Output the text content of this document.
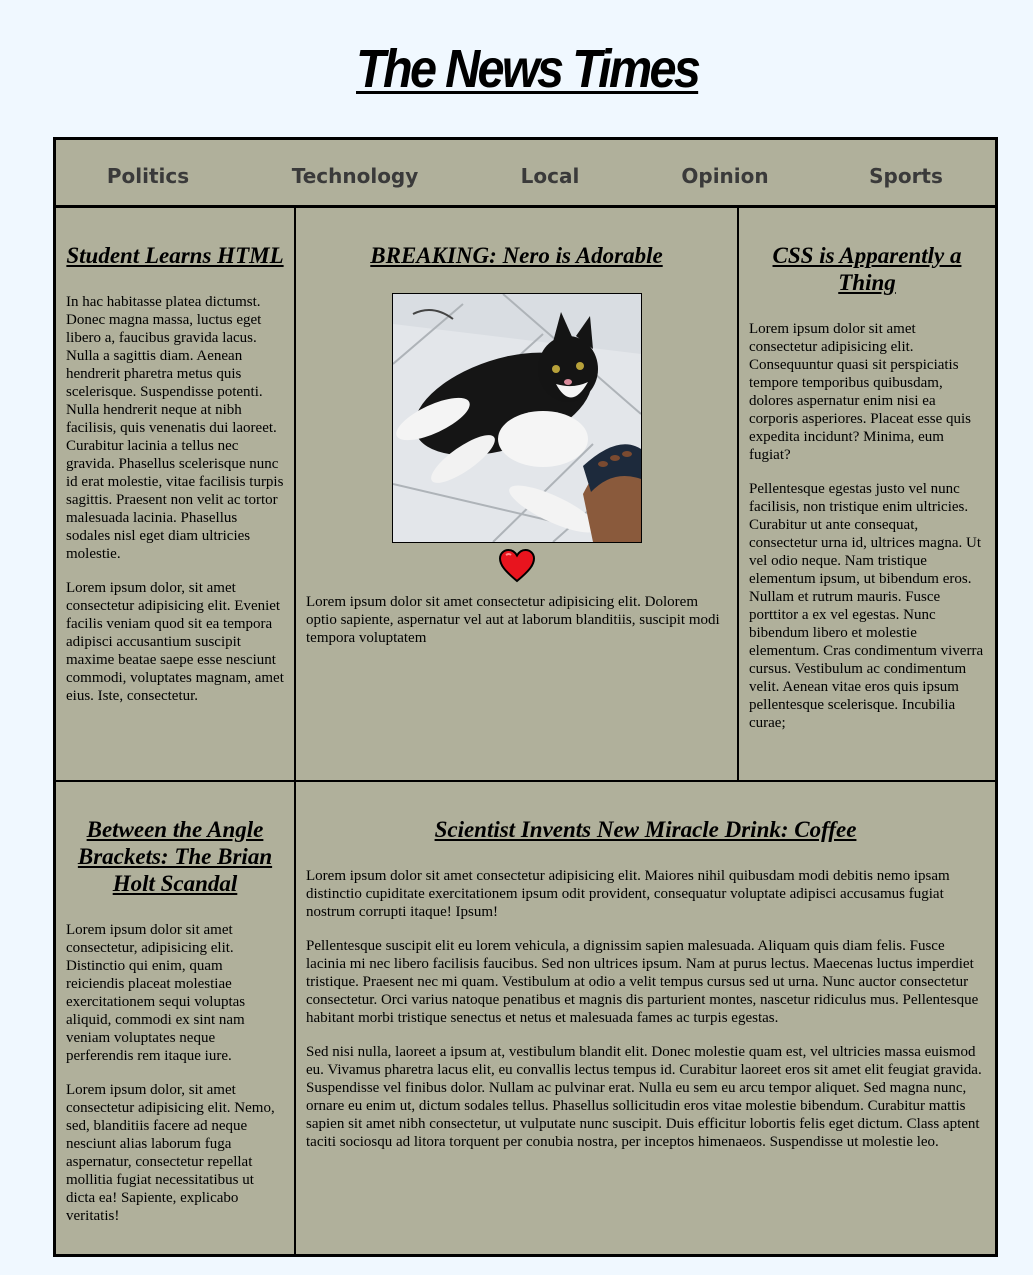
The News Times
Politics	Technology	Local	Opinion	Sports
Student Learns HTML

In hac habitasse platea dictumst. Donec magna massa, luctus eget libero a, faucibus gravida lacus. Nulla a sagittis diam. Aenean hendrerit pharetra metus quis scelerisque. Suspendisse potenti. Nulla hendrerit neque at nibh facilisis, quis venenatis dui laoreet. Curabitur lacinia a tellus nec gravida. Phasellus scelerisque nunc id erat molestie, vitae facilisis turpis sagittis. Praesent non velit ac tortor malesuada lacinia. Phasellus sodales nisl eget diam ultricies molestie.

Lorem ipsum dolor, sit amet consectetur adipisicing elit. Eveniet facilis veniam quod sit ea tempora adipisci accusantium suscipit maxime beatae saepe esse nesciunt commodi, voluptates magnam, amet eius. Iste, consectetur.

BREAKING: Nero is Adorable

Lorem ipsum dolor sit amet consectetur adipisicing elit. Dolorem optio sapiente, aspernatur vel aut at laborum blanditiis, suscipit modi tempora voluptatem

CSS is Apparently a Thing

Lorem ipsum dolor sit amet consectetur adipisicing elit. Consequuntur quasi sit perspiciatis tempore temporibus quibusdam, dolores aspernatur enim nisi ea corporis asperiores. Placeat esse quis expedita incidunt? Minima, eum fugiat?

Pellentesque egestas justo vel nunc facilisis, non tristique enim ultricies. Curabitur ut ante consequat, consectetur urna id, ultrices magna. Ut vel odio neque. Nam tristique elementum ipsum, ut bibendum eros. Nullam et rutrum mauris. Fusce porttitor a ex vel egestas. Nunc bibendum libero et molestie elementum. Cras condimentum viverra cursus. Vestibulum ac condimentum velit. Aenean vitae eros quis ipsum pellentesque scelerisque. Incubilia curae;

Between the Angle Brackets: The Brian Holt Scandal

Lorem ipsum dolor sit amet consectetur, adipisicing elit. Distinctio qui enim, quam reiciendis placeat molestiae exercitationem sequi voluptas aliquid, commodi ex sint nam veniam voluptates neque perferendis rem itaque iure.

Lorem ipsum dolor, sit amet consectetur adipisicing elit. Nemo, sed, blanditiis facere ad neque nesciunt alias laborum fuga aspernatur, consectetur repellat mollitia fugiat necessitatibus ut dicta ea! Sapiente, explicabo veritatis!

Scientist Invents New Miracle Drink: Coffee

Lorem ipsum dolor sit amet consectetur adipisicing elit. Maiores nihil quibusdam modi debitis nemo ipsam distinctio cupiditate exercitationem ipsum odit provident, consequatur voluptate adipisci accusamus fugiat nostrum corrupti itaque! Ipsum!

Pellentesque suscipit elit eu lorem vehicula, a dignissim sapien malesuada. Aliquam quis diam felis. Fusce lacinia mi nec libero facilisis faucibus. Sed non ultrices ipsum. Nam at purus lectus. Maecenas luctus imperdiet tristique. Praesent nec mi quam. Vestibulum at odio a velit tempus cursus sed ut urna. Nunc auctor consectetur consectetur. Orci varius natoque penatibus et magnis dis parturient montes, nascetur ridiculus mus. Pellentesque habitant morbi tristique senectus et netus et malesuada fames ac turpis egestas.

Sed nisi nulla, laoreet a ipsum at, vestibulum blandit elit. Donec molestie quam est, vel ultricies massa euismod eu. Vivamus pharetra lacus elit, eu convallis lectus tempus id. Curabitur laoreet eros sit amet elit feugiat gravida. Suspendisse vel finibus dolor. Nullam ac pulvinar erat. Nulla eu sem eu arcu tempor aliquet. Sed magna nunc, ornare eu enim ut, dictum sodales tellus. Phasellus sollicitudin eros vitae molestie bibendum. Curabitur mattis sapien sit amet nibh consectetur, ut vulputate nunc suscipit. Duis efficitur lobortis felis eget dictum. Class aptent taciti sociosqu ad litora torquent per conubia nostra, per inceptos himenaeos. Suspendisse ut molestie leo.
